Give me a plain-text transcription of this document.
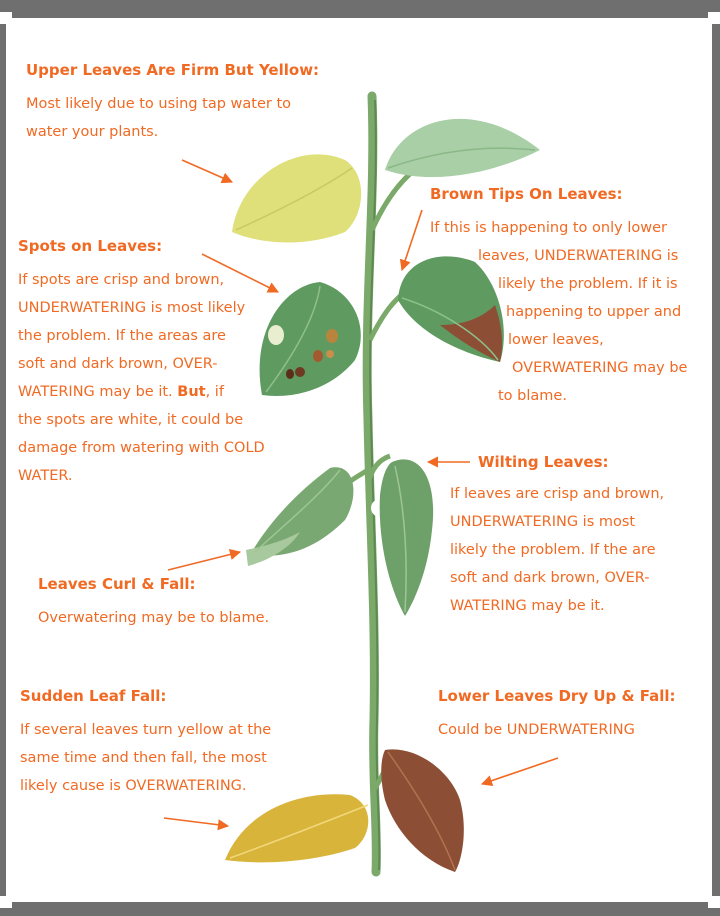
Upper Leaves Are Firm But Yellow:
Most likely due to using tap water to
water your plants.
Spots on Leaves:
If spots are crisp and brown,
UNDERWATERING is most likely
the problem. If the areas are
soft and dark brown, OVER-
WATERING may be it. But, if
the spots are white, it could be
damage from watering with COLD
WATER.
Brown Tips On Leaves:
If this is happening to only lower
leaves, UNDERWATERING is
likely the problem. If it is
happening to upper and
lower leaves,
OVERWATERING may be
to blame.
Wilting Leaves:
If leaves are crisp and brown,
UNDERWATERING is most
likely the problem. If the are
soft and dark brown, OVER-
WATERING may be it.
Leaves Curl & Fall:
Overwatering may be to blame.
Sudden Leaf Fall:
If several leaves turn yellow at the
same time and then fall, the most
likely cause is OVERWATERING.
Lower Leaves Dry Up & Fall:
Could be UNDERWATERING
